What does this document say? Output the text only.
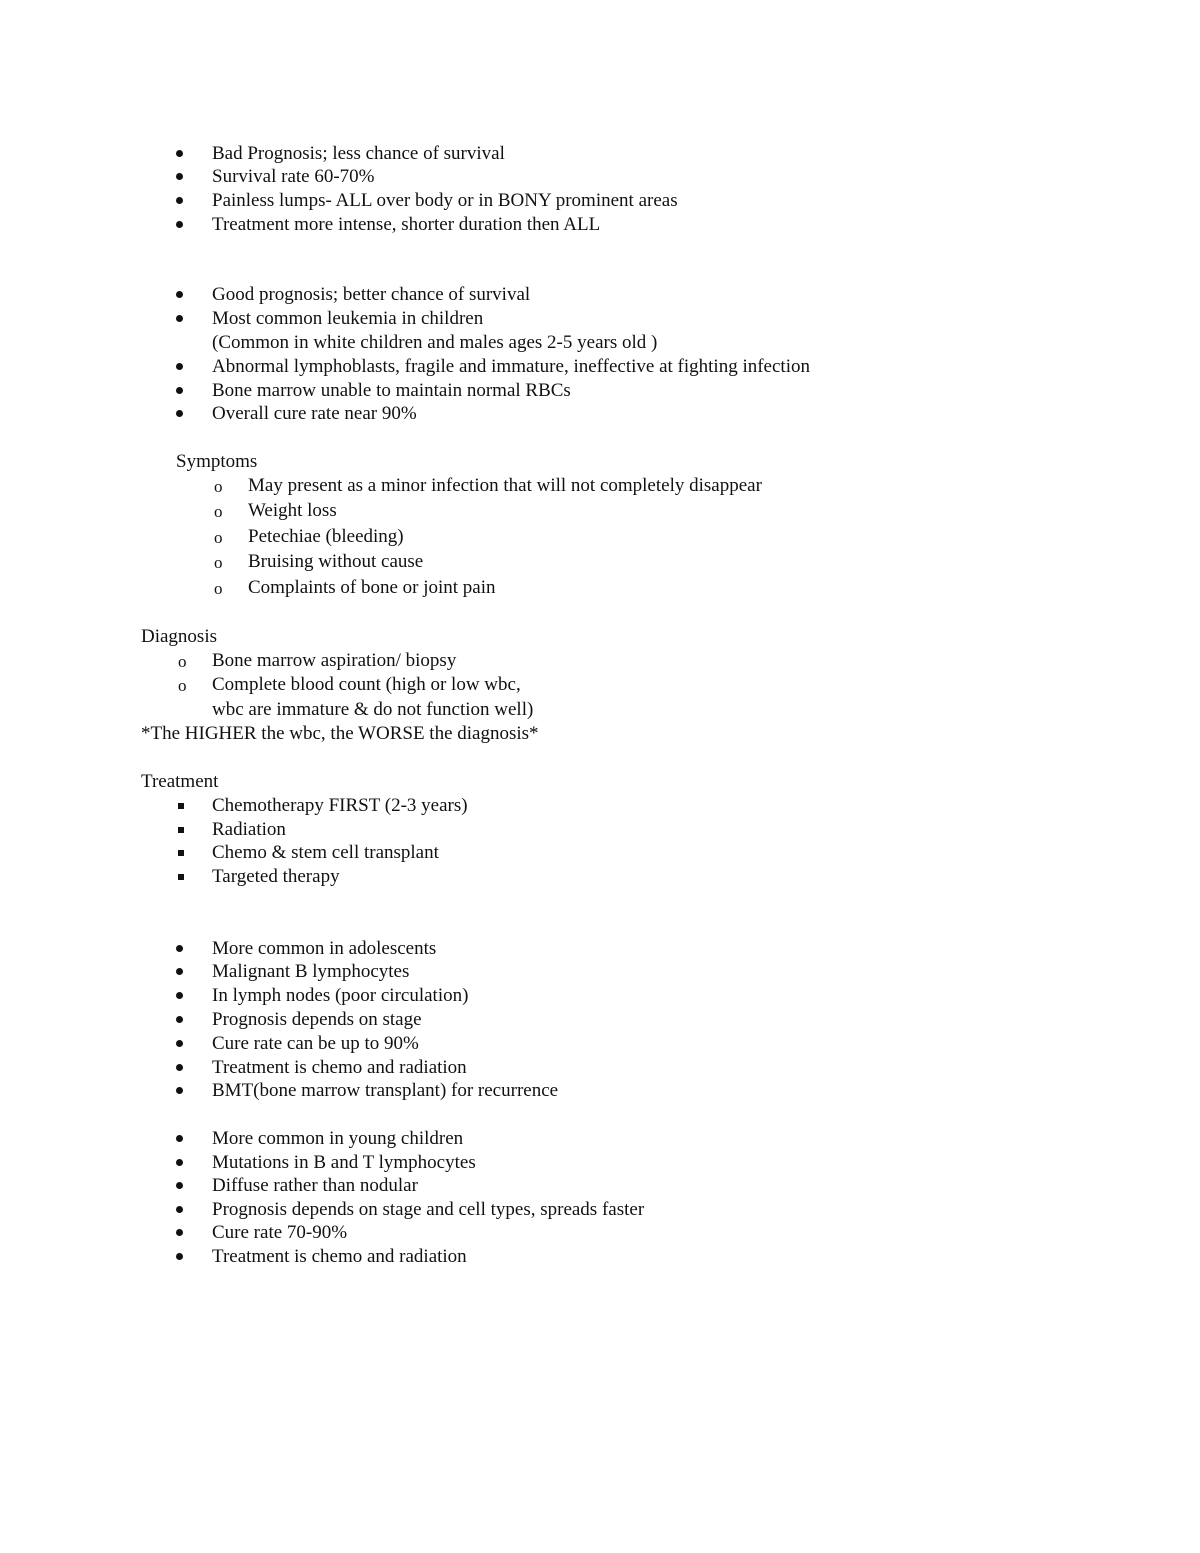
Bad Prognosis; less chance of survival
Survival rate 60-70%
Painless lumps- ALL over body or in BONY prominent areas
Treatment more intense, shorter duration then ALL
Good prognosis; better chance of survival
Most common leukemia in children
(Common in white children and males ages 2-5 years old )
Abnormal lymphoblasts, fragile and immature, ineffective at fighting infection
Bone marrow unable to maintain normal RBCs
Overall cure rate near 90%
Symptoms
o May present as a minor infection that will not completely disappear
o Weight loss
o Petechiae (bleeding)
o Bruising without cause
o Complaints of bone or joint pain
Diagnosis
o Bone marrow aspiration/ biopsy
o Complete blood count (high or low wbc,
wbc are immature & do not function well)
*The HIGHER the wbc, the WORSE the diagnosis*
Treatment
Chemotherapy FIRST (2-3 years)
Radiation
Chemo & stem cell transplant
Targeted therapy
More common in adolescents
Malignant B lymphocytes
In lymph nodes (poor circulation)
Prognosis depends on stage
Cure rate can be up to 90%
Treatment is chemo and radiation
BMT(bone marrow transplant) for recurrence
More common in young children
Mutations in B and T lymphocytes
Diffuse rather than nodular
Prognosis depends on stage and cell types, spreads faster
Cure rate 70-90%
Treatment is chemo and radiation
